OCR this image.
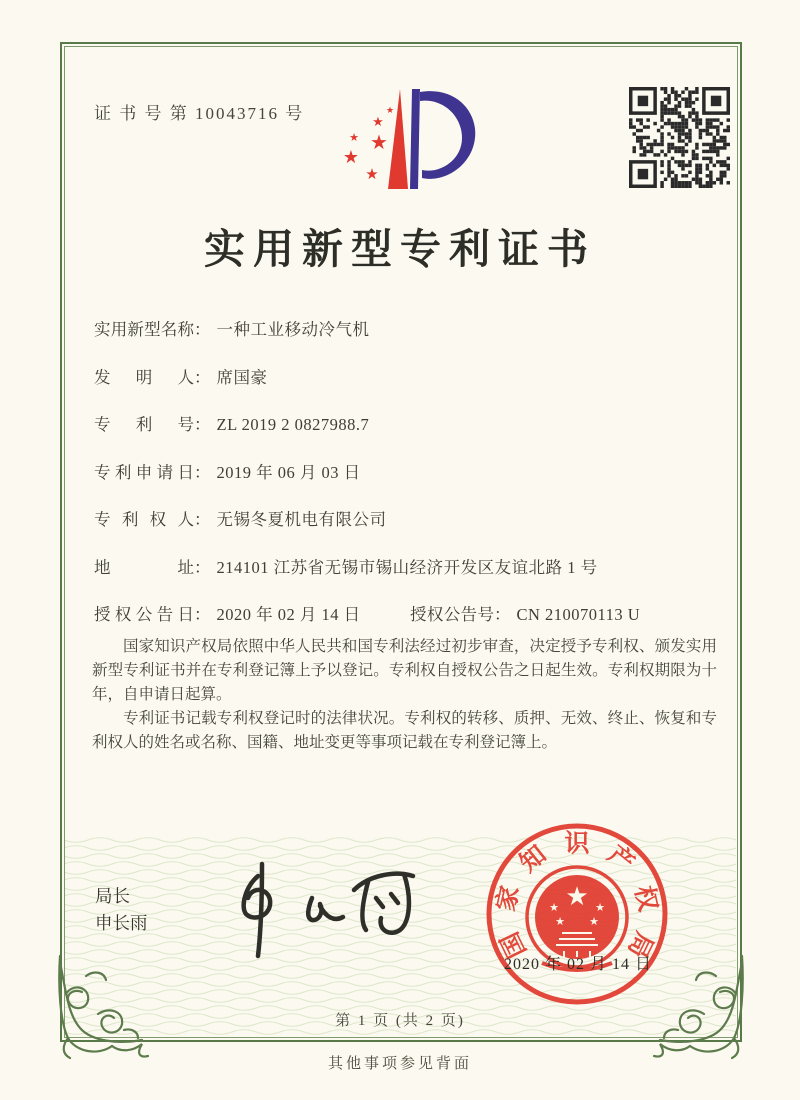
证 书 号 第 10043716 号	★
★
★ ★
★
★
实用新型专利证书
实用新型名称： 一种工业移动冷气机
发明人： 席国豪
专利号： ZL 2019 2 0827988.7
专利申请日： 2019 年 06 月 03 日
专利权人： 无锡冬夏机电有限公司
地址： 214101 江苏省无锡市锡山经济开发区友谊北路 1 号
授权公告日： 2020 年 02 月 14 日	授权公告号： CN 210070113 U

国家知识产权局依照中华人民共和国专利法经过初步审查，决定授予专利权、颁发实用新型专利证书并在专利登记簿上予以登记。专利权自授权公告之日起生效。专利权期限为十年，自申请日起算。

专利证书记载专利权登记时的法律状况。专利权的转移、质押、无效、终止、恢复和专利权人的姓名或名称、国籍、地址变更等事项记载在专利登记簿上。

局长
申长雨
★
★	★
★ ★
国
家
知 识 产
权
局
2020 年 02 月 14 日
第 1 页 (共 2 页)
其他事项参见背面
